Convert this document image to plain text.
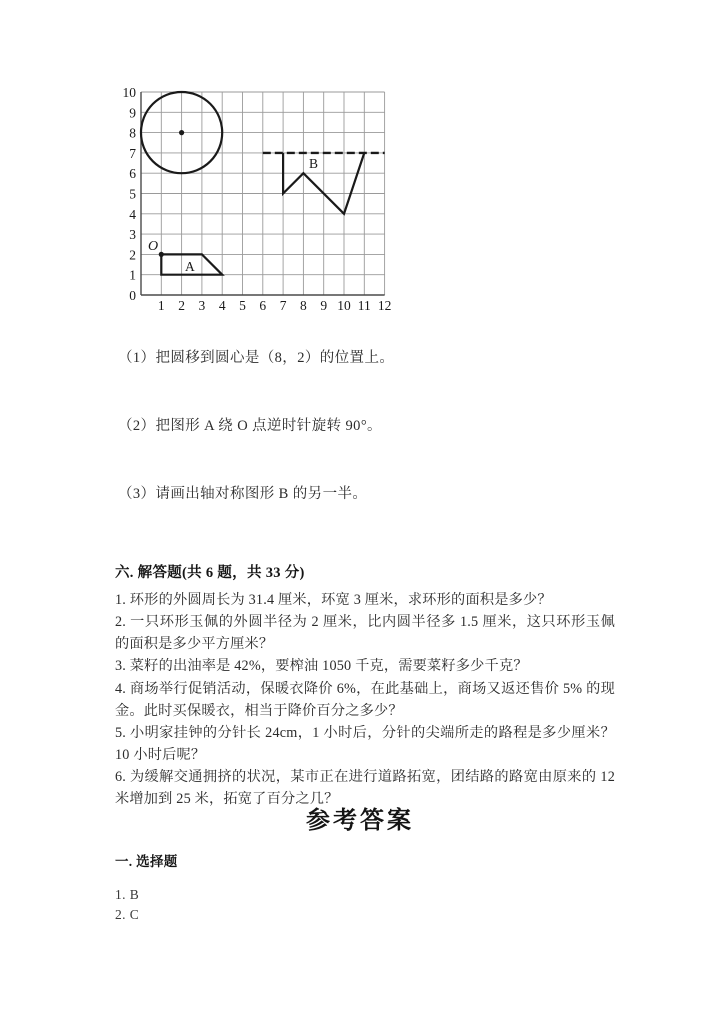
O
A
B
10
9
8
7
6
5
4
3
2
1
0
1 2 3 4 5 6 7 8 9 10 11 12
（1）把圆移到圆心是（8，2）的位置上。
（2）把图形 A 绕 O 点逆时针旋转 90°。
（3）请画出轴对称图形 B 的另一半。
六. 解答题(共 6 题，共 33 分)
1. 环形的外圆周长为 31.4 厘米，环宽 3 厘米，求环形的面积是多少？
2. 一只环形玉佩的外圆半径为 2 厘米，比内圆半径多 1.5 厘米，这只环形玉佩的面积是多少平方厘米？
3. 菜籽的出油率是 42%，要榨油 1050 千克，需要菜籽多少千克？
4. 商场举行促销活动，保暖衣降价 6%，在此基础上，商场又返还售价 5% 的现金。此时买保暖衣，相当于降价百分之多少？
5. 小明家挂钟的分针长 24cm，1 小时后，分针的尖端所走的路程是多少厘米？10 小时后呢？
6. 为缓解交通拥挤的状况，某市正在进行道路拓宽，团结路的路宽由原来的 12 米增加到 25 米，拓宽了百分之几？
参考答案
一. 选择题
1. B
2. C
